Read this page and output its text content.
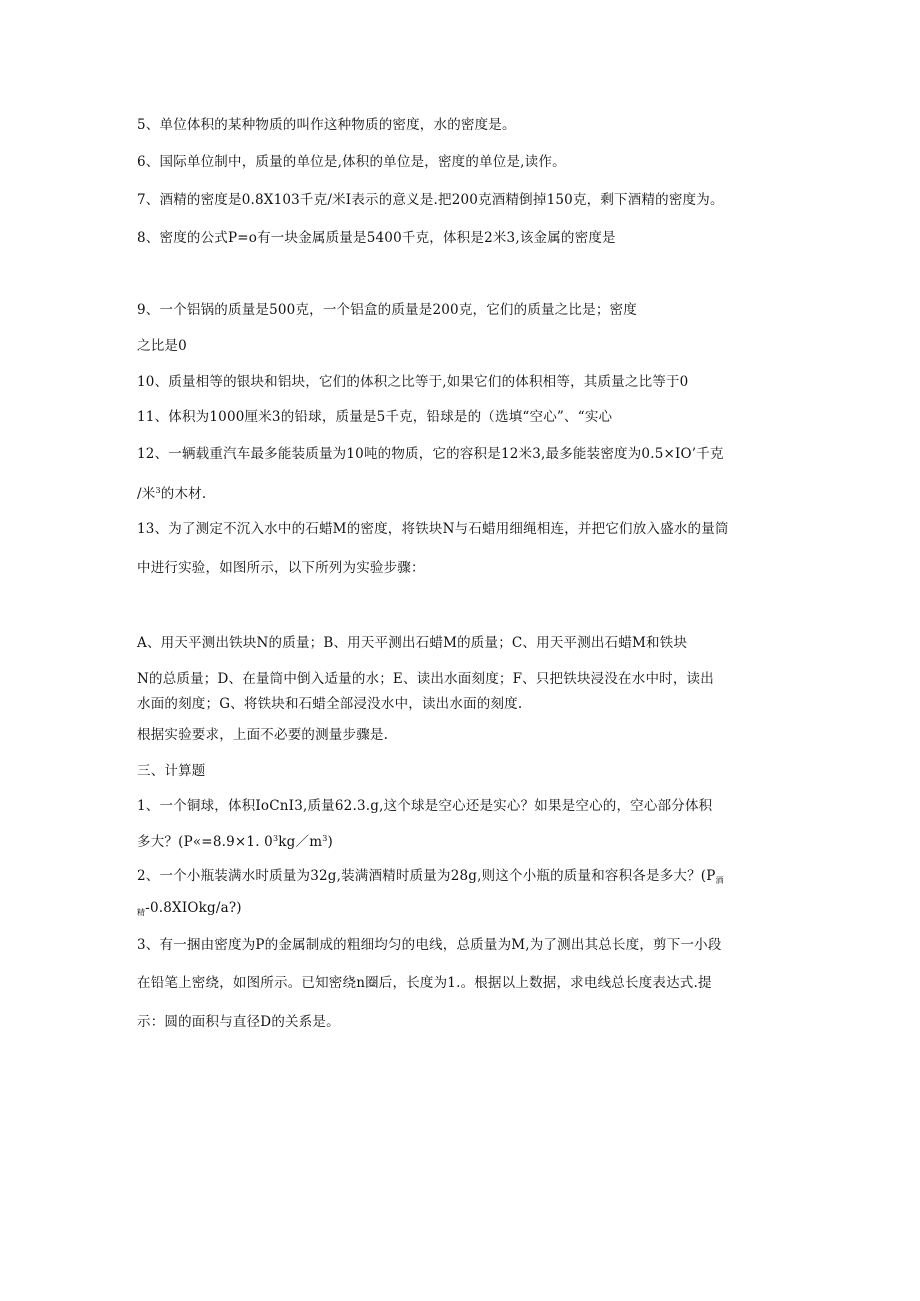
5、单位体积的某种物质的叫作这种物质的密度，水的密度是。
6、国际单位制中，质量的单位是,体积的单位是，密度的单位是,读作。
7、酒精的密度是0.8X103千克/米I表示的意义是.把200克酒精倒掉150克，剩下酒精的密度为。
8、密度的公式P=o有一块金属质量是5400千克，体积是2米3,该金属的密度是
9、一个铝锅的质量是500克，一个铝盒的质量是200克，它们的质量之比是；密度
之比是0
10、质量相等的银块和铝块，它们的体积之比等于,如果它们的体积相等，其质量之比等于0
11、体积为1000厘米3的铅球，质量是5千克，铅球是的（选填“空心”、“实心
12、一辆载重汽车最多能装质量为10吨的物质，它的容积是12米3,最多能装密度为0.5×IO’千克
/米$^3$的木材.
13、为了测定不沉入水中的石蜡M的密度，将铁块N与石蜡用细绳相连，并把它们放入盛水的量筒
中进行实验，如图所示，以下所列为实验步骤：
A、用天平测出铁块N的质量；B、用天平测出石蜡M的质量；C、用天平测出石蜡M和铁块
N的总质量；D、在量筒中倒入适量的水；E、读出水面刻度；F、只把铁块浸没在水中时，读出
水面的刻度；G、将铁块和石蜡全部浸没水中，读出水面的刻度.
根据实验要求，上面不必要的测量步骤是.
三、计算题
1、一个铜球，体积IoCnI3,质量62.3.g,这个球是空心还是实心？如果是空心的，空心部分体积
多大？(P«=8.9×1. $0^3kg/m^3$)
2、一个小瓶装满水时质量为32g,装满酒精时质量为28g,则这个小瓶的质量和容积各是多大？($P_酒$
$_精$-0.8XIOkg/a?)
3、有一捆由密度为P的金属制成的粗细均匀的电线，总质量为M,为了测出其总长度，剪下一小段
在铅笔上密绕，如图所示。已知密绕n圈后，长度为1.。根据以上数据，求电线总长度表达式.提
示：圆的面积与直径D的关系是。
